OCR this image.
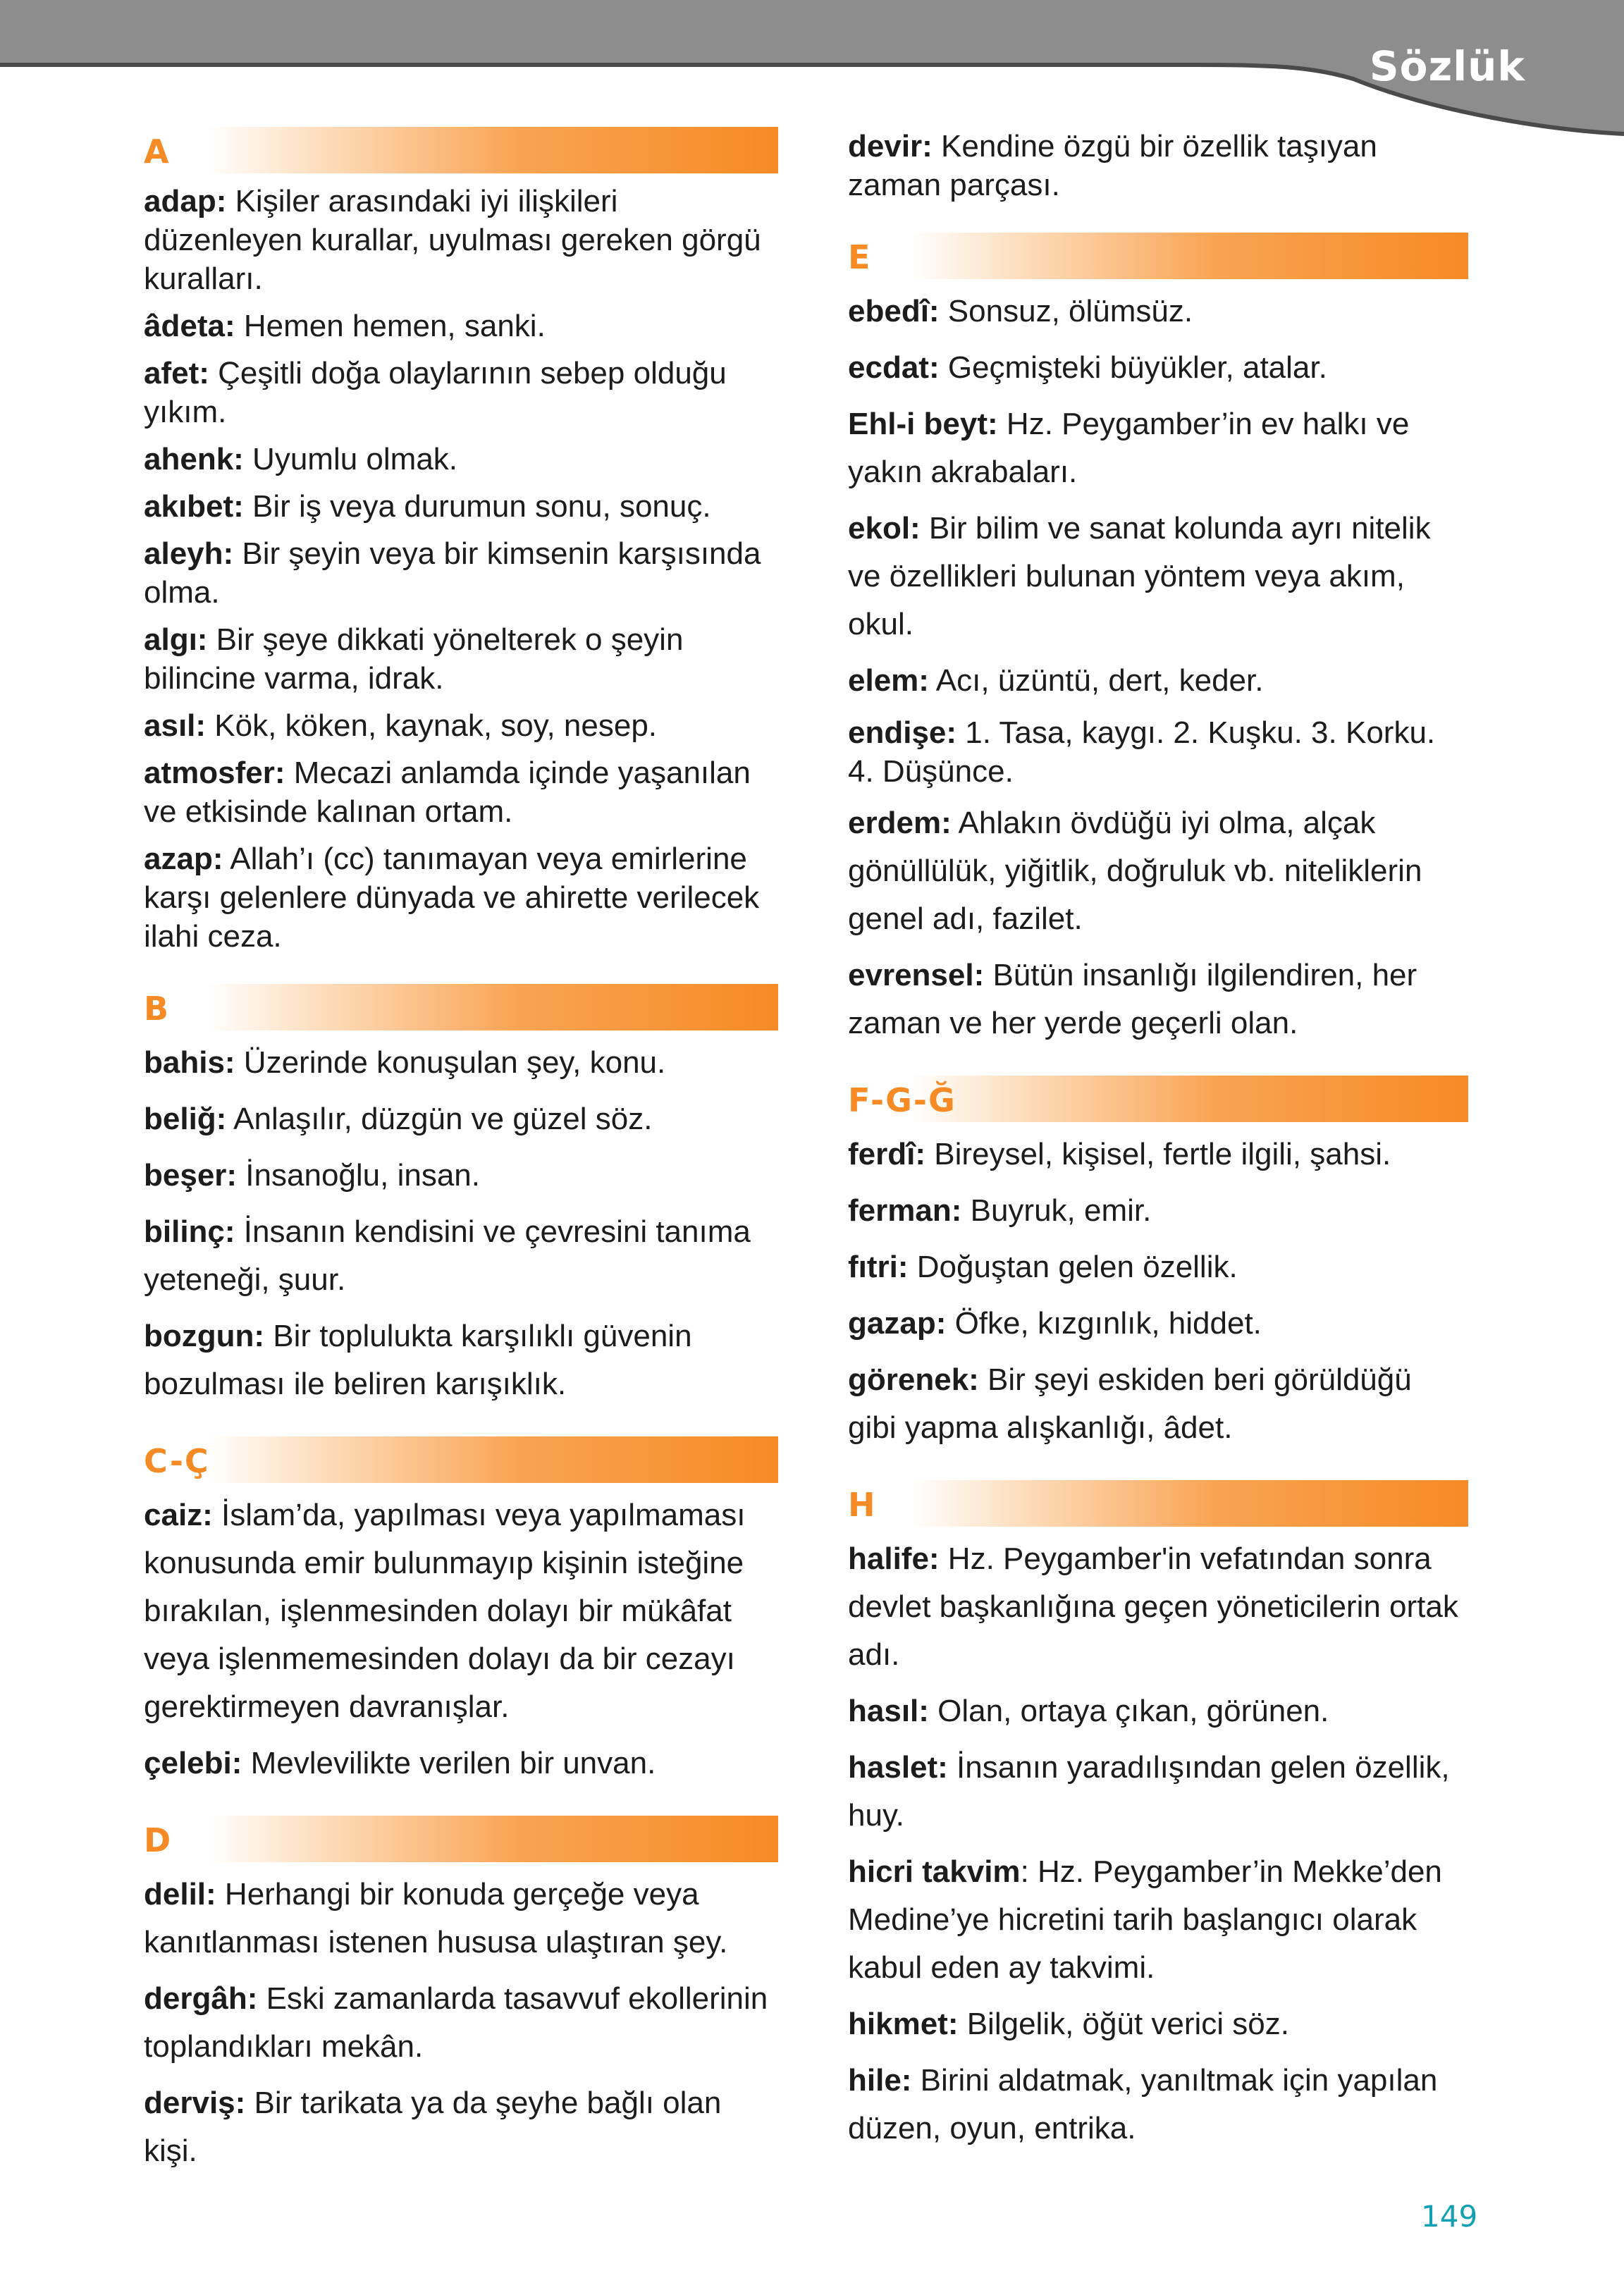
Sözlük
A

adap: Kişiler arasındaki iyi ilişkileri düzenleyen kurallar, uyulması gereken görgü kuralları.

âdeta: Hemen hemen, sanki.

afet: Çeşitli doğa olaylarının sebep olduğu yıkım.

ahenk: Uyumlu olmak.

akıbet: Bir iş veya durumun sonu, sonuç.

aleyh: Bir şeyin veya bir kimsenin karşısında olma.

algı: Bir şeye dikkati yönelterek o şeyin bilincine varma, idrak.

asıl: Kök, köken, kaynak, soy, nesep.

atmosfer: Mecazi anlamda içinde yaşanılan ve etkisinde kalınan ortam.

azap: Allah’ı (cc) tanımayan veya emirlerine karşı gelenlere dünyada ve ahirette verilecek ilahi ceza.

B

bahis: Üzerinde konuşulan şey, konu.

beliğ: Anlaşılır, düzgün ve güzel söz.

beşer: İnsanoğlu, insan.

bilinç: İnsanın kendisini ve çevresini tanıma yeteneği, şuur.

bozgun: Bir toplulukta karşılıklı güvenin bozulması ile beliren karışıklık.

C-Ç

caiz: İslam’da, yapılması veya yapılmaması konusunda emir bulunmayıp kişinin isteğine bırakılan, işlenmesinden dolayı bir mükâfat veya işlenmemesinden dolayı da bir cezayı gerektirmeyen davranışlar.

çelebi: Mevlevilikte verilen bir unvan.

D

delil: Herhangi bir konuda gerçeğe veya kanıtlanması istenen hususa ulaştıran şey.

dergâh: Eski zamanlarda tasavvuf ekollerinin toplandıkları mekân.

derviş: Bir tarikata ya da şeyhe bağlı olan kişi.

devir: Kendine özgü bir özellik taşıyan zaman parçası.

E

ebedî: Sonsuz, ölümsüz.

ecdat: Geçmişteki büyükler, atalar.

Ehl-i beyt: Hz. Peygamber’in ev halkı ve yakın akrabaları.

ekol: Bir bilim ve sanat kolunda ayrı nitelik ve özellikleri bulunan yöntem veya akım, okul.

elem: Acı, üzüntü, dert, keder.

endişe: 1. Tasa, kaygı. 2. Kuşku. 3. Korku. 4. Düşünce.

erdem: Ahlakın övdüğü iyi olma, alçak gönüllülük, yiğitlik, doğruluk vb. niteliklerin genel adı, fazilet.

evrensel: Bütün insanlığı ilgilendiren, her zaman ve her yerde geçerli olan.

F-G-Ğ

ferdî: Bireysel, kişisel, fertle ilgili, şahsi.

ferman: Buyruk, emir.

fıtri: Doğuştan gelen özellik.

gazap: Öfke, kızgınlık, hiddet.

görenek: Bir şeyi eskiden beri görüldüğü gibi yapma alışkanlığı, âdet.

H

halife: Hz. Peygamber'in vefatından sonra devlet başkanlığına geçen yöneticilerin ortak adı.

hasıl: Olan, ortaya çıkan, görünen.

haslet: İnsanın yaradılışından gelen özellik, huy.

hicri takvim: Hz. Peygamber’in Mekke’den Medine’ye hicretini tarih başlangıcı olarak kabul eden ay takvimi.

hikmet: Bilgelik, öğüt verici söz.

hile: Birini aldatmak, yanıltmak için yapılan düzen, oyun, entrika.

149
